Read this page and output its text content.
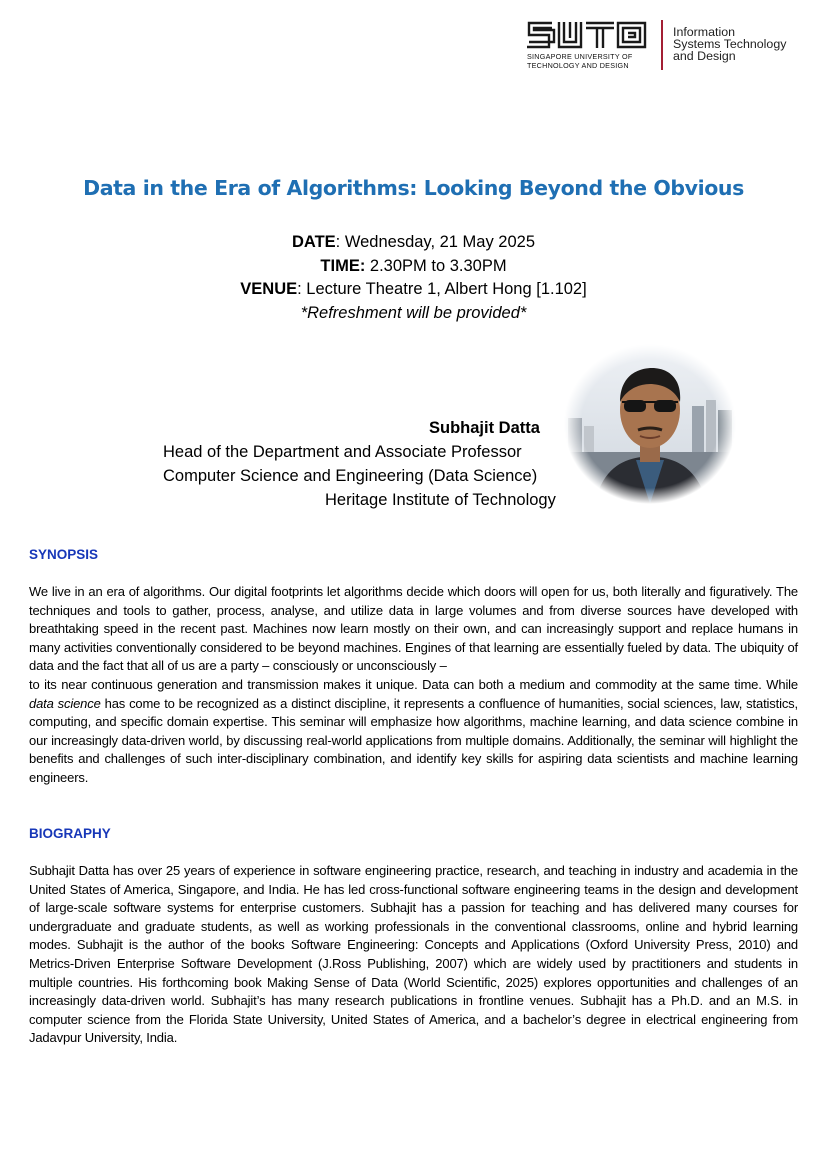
SINGAPORE UNIVERSITY OF
TECHNOLOGY AND DESIGN
Information
Systems Technology
and Design
Data in the Era of Algorithms: Looking Beyond the Obvious
DATE: Wednesday, 21 May 2025
TIME: 2.30PM to 3.30PM
VENUE: Lecture Theatre 1, Albert Hong [1.102]
*Refreshment will be provided*
Subhajit Datta
Head of the Department and Associate Professor
Computer Science and Engineering (Data Science)
Heritage Institute of Technology
SYNOPSIS

We live in an era of algorithms. Our digital footprints let algorithms decide which doors will open for us, both literally and figuratively. The techniques and tools to gather, process, analyse, and utilize data in large volumes and from diverse sources have developed with breathtaking speed in the recent past. Machines now learn mostly on their own, and can increasingly support and replace humans in many activities conventionally considered to be beyond machines. Engines of that learning are essentially fueled by data. The ubiquity of data and the fact that all of us are a party – consciously or unconsciously –
to its near continuous generation and transmission makes it unique. Data can both a medium and commodity at the same time. While data science has come to be recognized as a distinct discipline, it represents a confluence of humanities, social sciences, law, statistics, computing, and specific domain expertise. This seminar will emphasize how algorithms, machine learning, and data science combine in our increasingly data-driven world, by discussing real-world applications from multiple domains. Additionally, the seminar will highlight the benefits and challenges of such inter-disciplinary combination, and identify key skills for aspiring data scientists and machine learning engineers.

BIOGRAPHY

Subhajit Datta has over 25 years of experience in software engineering practice, research, and teaching in industry and academia in the United States of America, Singapore, and India. He has led cross-functional software engineering teams in the design and development of large-scale software systems for enterprise customers. Subhajit has a passion for teaching and has delivered many courses for undergraduate and graduate students, as well as working professionals in the conventional classrooms, online and hybrid learning modes. Subhajit is the author of the books Software Engineering: Concepts and Applications (Oxford University Press, 2010) and Metrics-Driven Enterprise Software Development (J.Ross Publishing, 2007) which are widely used by practitioners and students in multiple countries. His forthcoming book Making Sense of Data (World Scientific, 2025) explores opportunities and challenges of an increasingly data-driven world. Subhajit’s has many research publications in frontline venues. Subhajit has a Ph.D. and an M.S. in computer science from the Florida State University, United States of America, and a bachelor’s degree in electrical engineering from Jadavpur University, India.
